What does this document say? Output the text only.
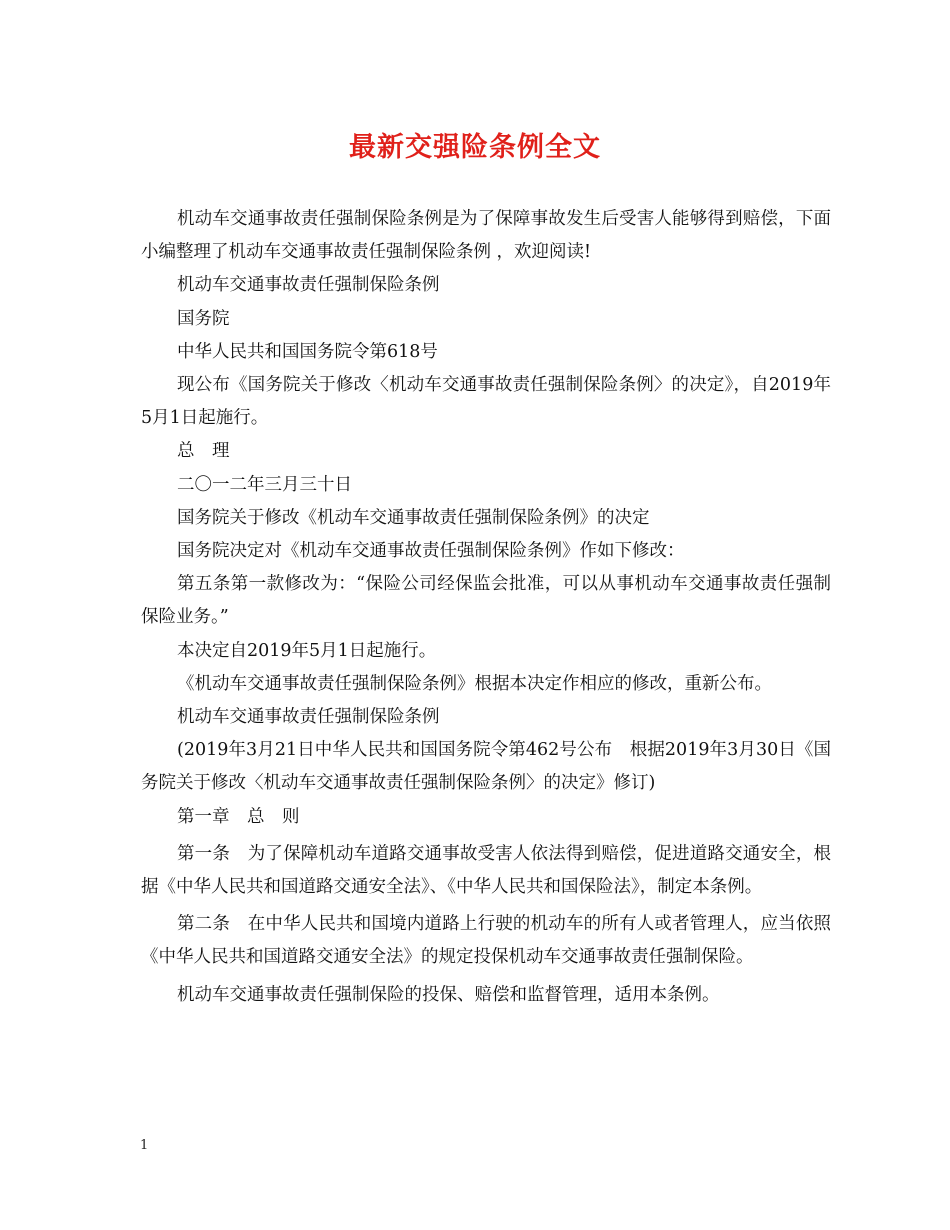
最新交强险条例全文

机动车交通事故责任强制保险条例是为了保障事故发生后受害人能够得到赔偿，下面小编整理了机动车交通事故责任强制保险条例 ，欢迎阅读!

机动车交通事故责任强制保险条例

国务院

中华人民共和国国务院令第618号

现公布《国务院关于修改〈机动车交通事故责任强制保险条例〉的决定》，自2019年5月1日起施行。

总　理

二〇一二年三月三十日

国务院关于修改《机动车交通事故责任强制保险条例》的决定

国务院决定对《机动车交通事故责任强制保险条例》作如下修改：

第五条第一款修改为：“保险公司经保监会批准，可以从事机动车交通事故责任强制保险业务。”

本决定自2019年5月1日起施行。

《机动车交通事故责任强制保险条例》根据本决定作相应的修改，重新公布。

机动车交通事故责任强制保险条例

(2019年3月21日中华人民共和国国务院令第462号公布　根据2019年3月30日《国务院关于修改〈机动车交通事故责任强制保险条例〉的决定》修订)

第一章　总　则

第一条　为了保障机动车道路交通事故受害人依法得到赔偿，促进道路交通安全，根据《中华人民共和国道路交通安全法》、《中华人民共和国保险法》，制定本条例。

第二条　在中华人民共和国境内道路上行驶的机动车的所有人或者管理人，应当依照《中华人民共和国道路交通安全法》的规定投保机动车交通事故责任强制保险。

机动车交通事故责任强制保险的投保、赔偿和监督管理，适用本条例。

1
